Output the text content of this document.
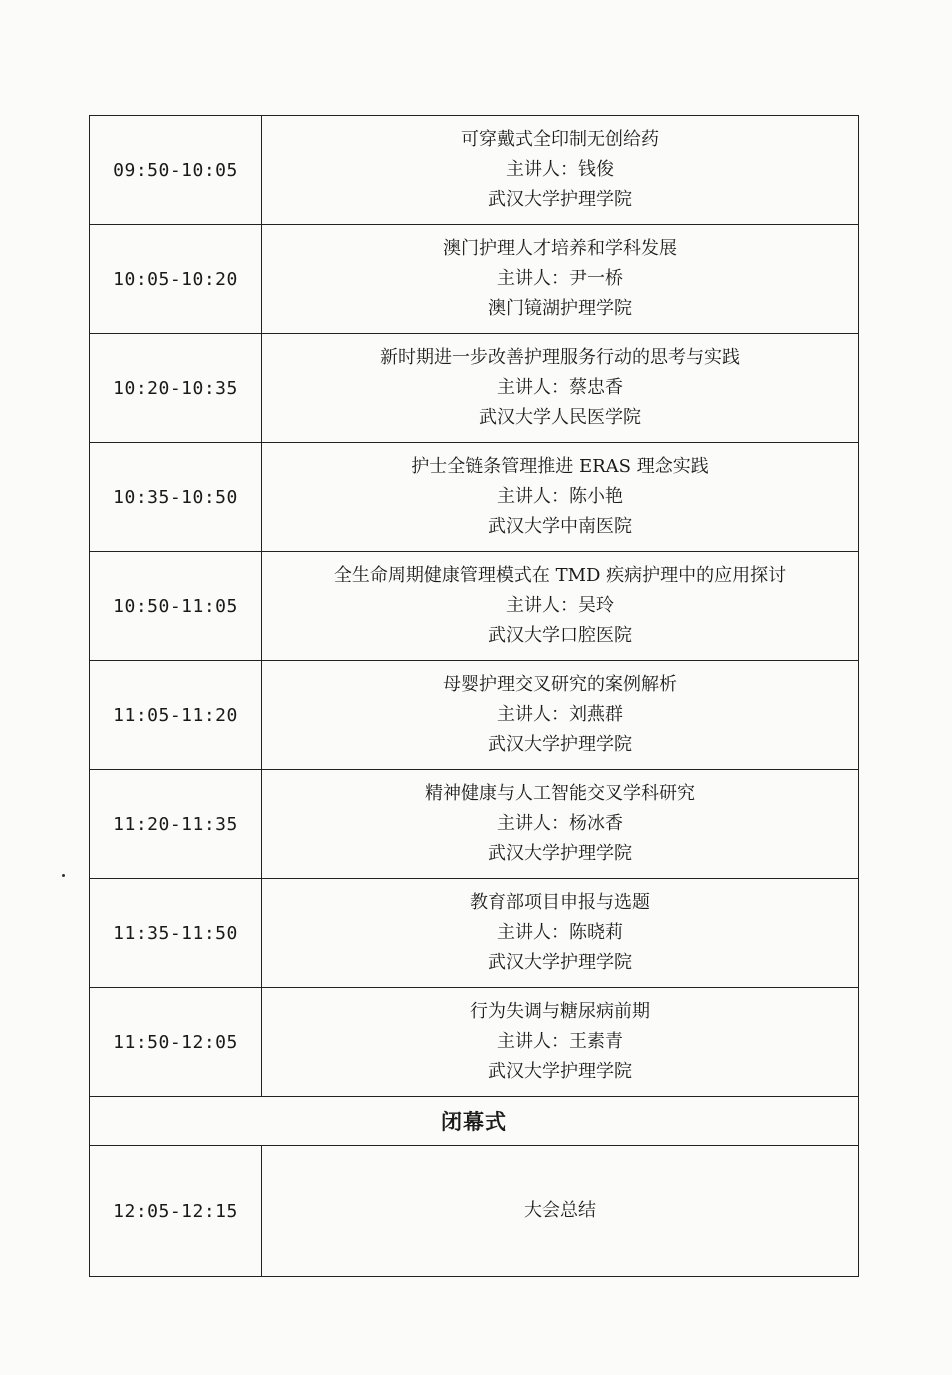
09:50-10:05	可穿戴式全印制无创给药
主讲人：钱俊
武汉大学护理学院

10:05-10:20	澳门护理人才培养和学科发展
主讲人：尹一桥
澳门镜湖护理学院

10:20-10:35	新时期进一步改善护理服务行动的思考与实践
主讲人：蔡忠香
武汉大学人民医学院

10:35-10:50	护士全链条管理推进 ERAS 理念实践
主讲人：陈小艳
武汉大学中南医院

10:50-11:05	全生命周期健康管理模式在 TMD 疾病护理中的应用探讨
主讲人：吴玲
武汉大学口腔医院

11:05-11:20	母婴护理交叉研究的案例解析
主讲人：刘燕群
武汉大学护理学院

11:20-11:35	精神健康与人工智能交叉学科研究
主讲人：杨冰香
武汉大学护理学院

11:35-11:50	教育部项目申报与选题
主讲人：陈晓莉
武汉大学护理学院

11:50-12:05	行为失调与糖尿病前期
主讲人：王素青
武汉大学护理学院

闭幕式	
12:05-12:15	大会总结
